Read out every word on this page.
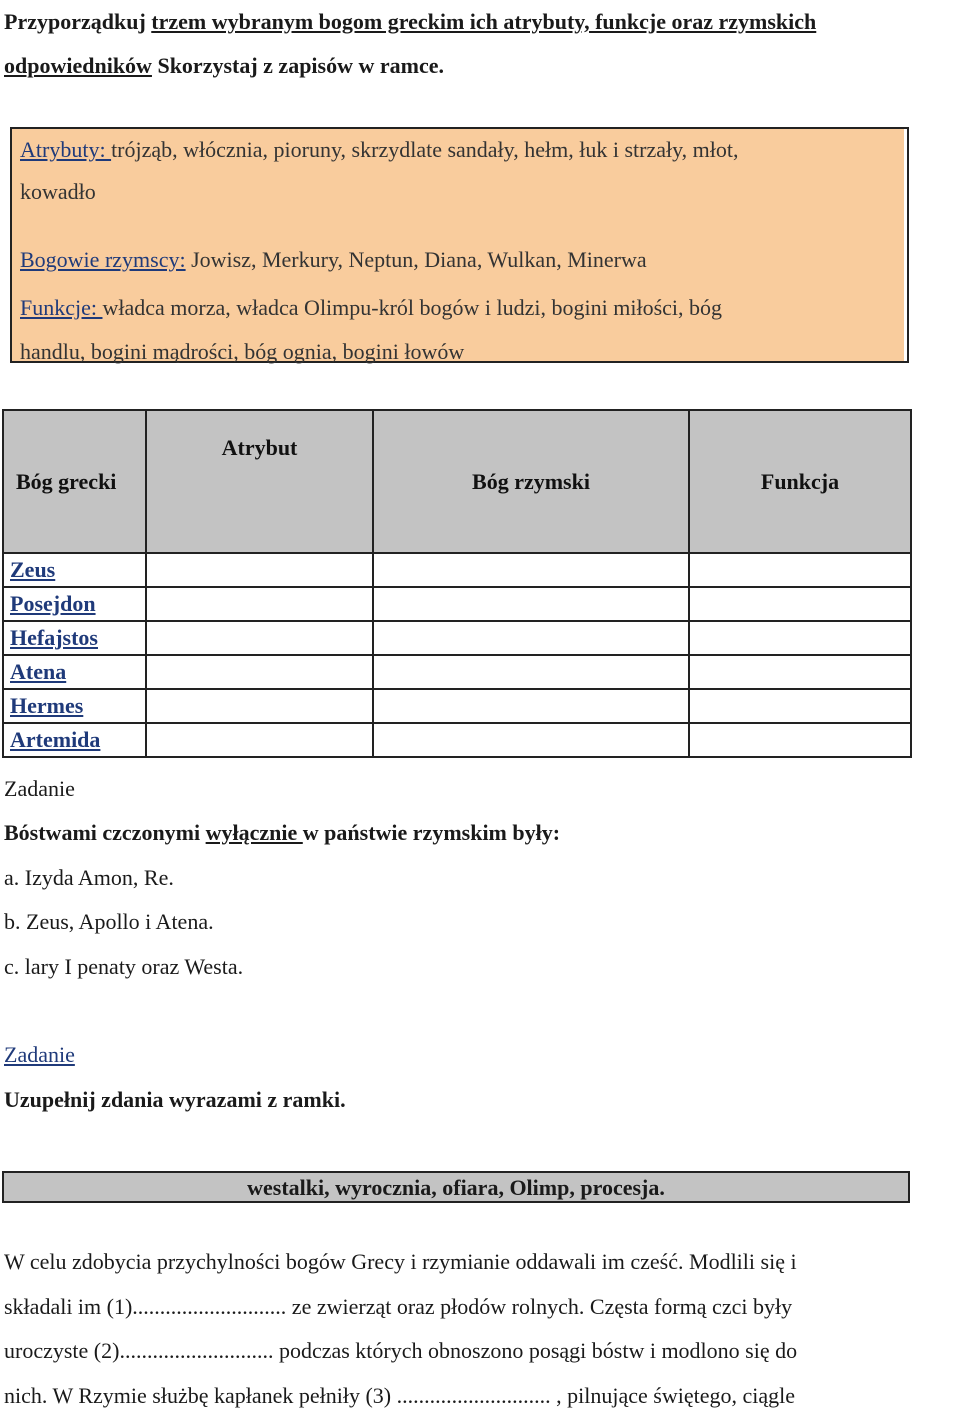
Przyporządkuj trzem wybranym bogom greckim ich atrybuty, funkcje oraz rzymskich
odpowiedników Skorzystaj z zapisów w ramce.
Atrybuty: trójząb, włócznia, pioruny, skrzydlate sandały, hełm, łuk i strzały, młot,
kowadło
Bogowie rzymscy: Jowisz, Merkury, Neptun, Diana, Wulkan, Minerwa
Funkcje: władca morza, władca Olimpu-król bogów i ludzi, bogini miłości, bóg
handlu, bogini mądrości, bóg ognia, bogini łowów
Bóg grecki	Atrybut	Bóg rzymski	Funkcja
Zeus			
Posejdon			
Hefajstos			
Atena			
Hermes			
Artemida			
Zadanie
Bóstwami czczonymi wyłącznie w państwie rzymskim były:
a. Izyda Amon, Re.
b. Zeus, Apollo i Atena.
c. lary I penaty oraz Westa.
Zadanie
Uzupełnij zdania wyrazami z ramki.
westalki, wyrocznia, ofiara, Olimp, procesja.
W celu zdobycia przychylności bogów Grecy i rzymianie oddawali im cześć. Modlili się i
składali im (1)............................ ze zwierząt oraz płodów rolnych. Częsta formą czci były
uroczyste (2)............................ podczas których obnoszono posągi bóstw i modlono się do
nich. W Rzymie służbę kapłanek pełniły (3) ............................ , pilnujące świętego, ciągle
